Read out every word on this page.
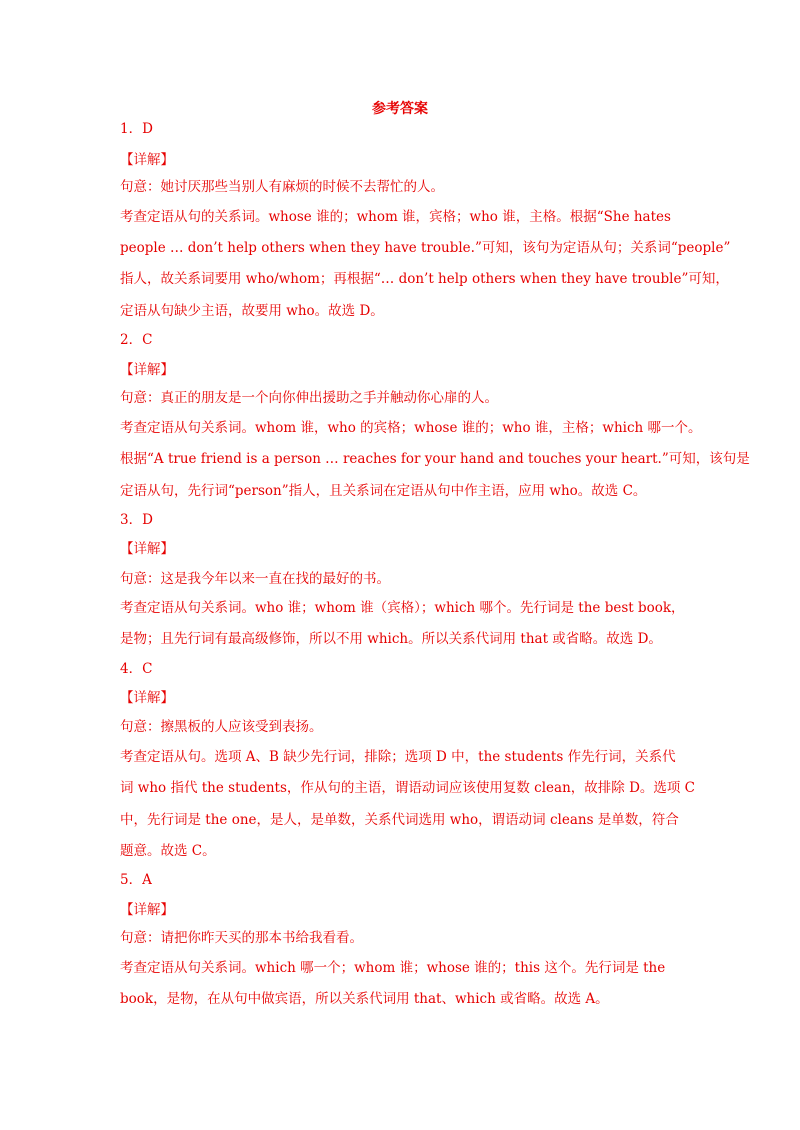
参考答案
1．D
【详解】
句意：她讨厌那些当别人有麻烦的时候不去帮忙的人。
考查定语从句的关系词。whose 谁的；whom 谁，宾格；who 谁，主格。根据“She hates
people … don’t help others when they have trouble.”可知，该句为定语从句；关系词“people”
指人，故关系词要用 who/whom；再根据“… don’t help others when they have trouble”可知，
定语从句缺少主语，故要用 who。故选 D。
2．C
【详解】
句意：真正的朋友是一个向你伸出援助之手并触动你心扉的人。
考查定语从句关系词。whom 谁，who 的宾格；whose 谁的；who 谁，主格；which 哪一个。
根据“A true friend is a person … reaches for your hand and touches your heart.”可知，该句是
定语从句，先行词“person”指人，且关系词在定语从句中作主语，应用 who。故选 C。
3．D
【详解】
句意：这是我今年以来一直在找的最好的书。
考查定语从句关系词。who 谁；whom 谁（宾格）；which 哪个。先行词是 the best book，
是物；且先行词有最高级修饰，所以不用 which。所以关系代词用 that 或省略。故选 D。
4．C
【详解】
句意：擦黑板的人应该受到表扬。
考查定语从句。选项 A、B 缺少先行词，排除；选项 D 中，the students 作先行词，关系代
词 who 指代 the students，作从句的主语，谓语动词应该使用复数 clean，故排除 D。选项 C
中，先行词是 the one，是人，是单数，关系代词选用 who，谓语动词 cleans 是单数，符合
题意。故选 C。
5．A
【详解】
句意：请把你昨天买的那本书给我看看。
考查定语从句关系词。which 哪一个；whom 谁；whose 谁的；this 这个。先行词是 the
book，是物，在从句中做宾语，所以关系代词用 that、which 或省略。故选 A。
